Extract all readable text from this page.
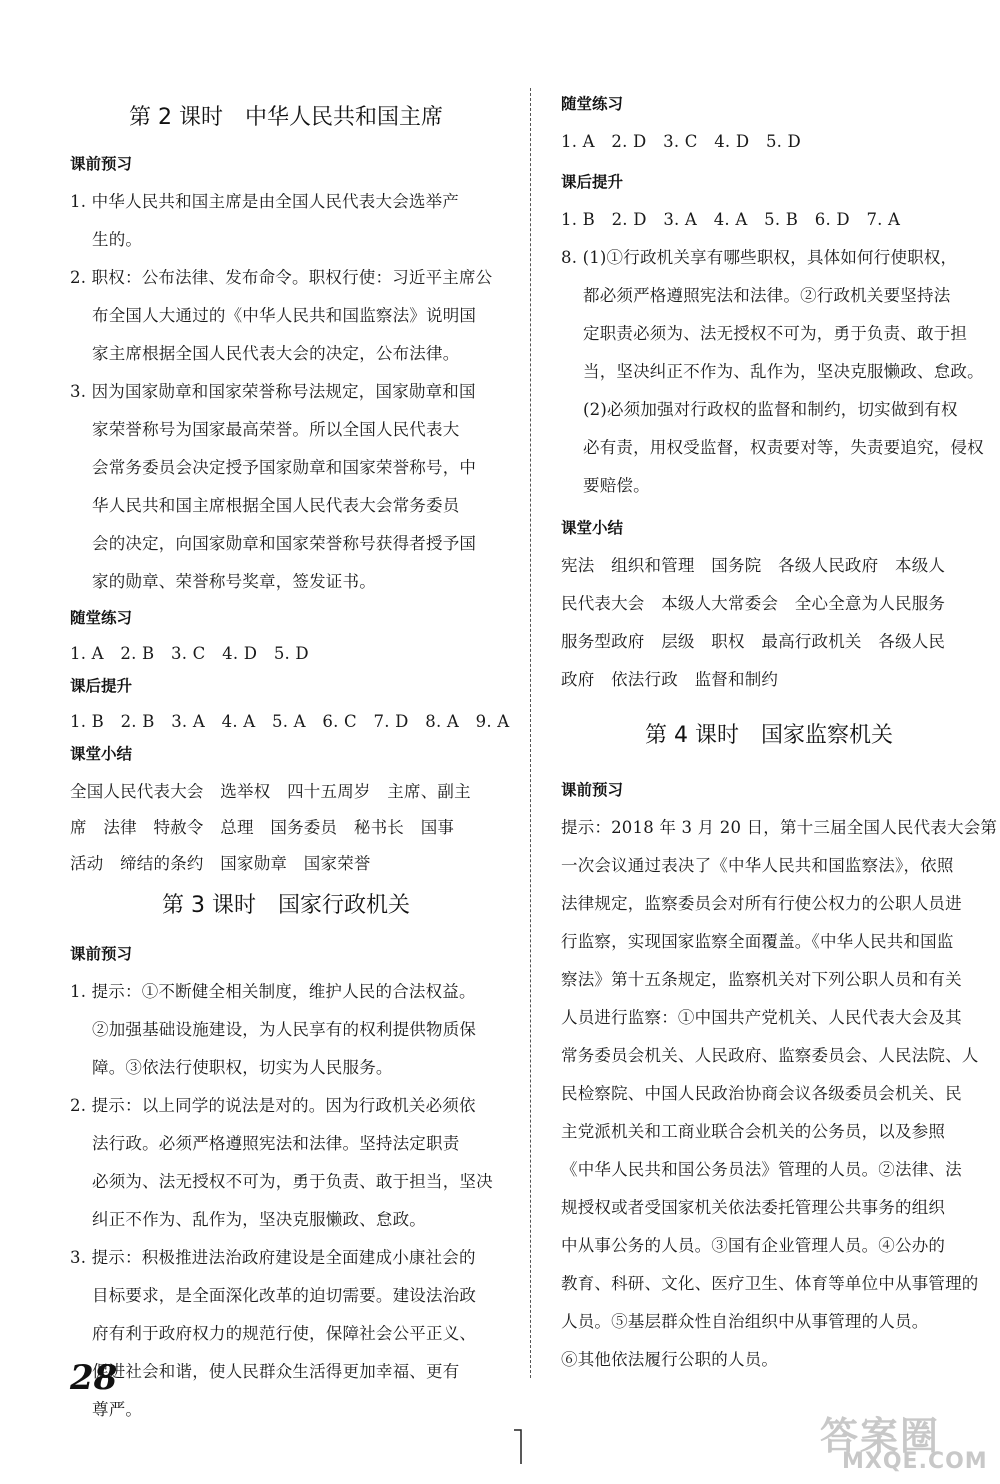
第 2 课时 中华人民共和国主席
课前预习
1. 中华人民共和国主席是由全国人民代表大会选举产
生的。
2. 职权：公布法律、发布命令。职权行使：习近平主席公
布全国人大通过的《中华人民共和国监察法》说明国
家主席根据全国人民代表大会的决定，公布法律。
3. 因为国家勋章和国家荣誉称号法规定，国家勋章和国
家荣誉称号为国家最高荣誉。所以全国人民代表大
会常务委员会决定授予国家勋章和国家荣誉称号，中
华人民共和国主席根据全国人民代表大会常务委员
会的决定，向国家勋章和国家荣誉称号获得者授予国
家的勋章、荣誉称号奖章，签发证书。
随堂练习
1. A　2. B　3. C　4. D　5. D
课后提升
1. B　2. B　3. A　4. A　5. A　6. C　7. D　8. A　9. A
课堂小结
全国人民代表大会　选举权　四十五周岁　主席、副主
席　法律　特赦令　总理　国务委员　秘书长　国事
活动　缔结的条约　国家勋章　国家荣誉
第 3 课时 国家行政机关
课前预习
1. 提示：①不断健全相关制度，维护人民的合法权益。
②加强基础设施建设，为人民享有的权利提供物质保
障。③依法行使职权，切实为人民服务。
2. 提示：以上同学的说法是对的。因为行政机关必须依
法行政。必须严格遵照宪法和法律。坚持法定职责
必须为、法无授权不可为，勇于负责、敢于担当，坚决
纠正不作为、乱作为，坚决克服懒政、怠政。
3. 提示：积极推进法治政府建设是全面建成小康社会的
目标要求，是全面深化改革的迫切需要。建设法治政
府有利于政府权力的规范行使，保障社会公平正义、
促进社会和谐，使人民群众生活得更加幸福、更有
尊严。
随堂练习
1. A　2. D　3. C　4. D　5. D
课后提升
1. B　2. D　3. A　4. A　5. B　6. D　7. A
8. (1)①行政机关享有哪些职权，具体如何行使职权，
都必须严格遵照宪法和法律。②行政机关要坚持法
定职责必须为、法无授权不可为，勇于负责、敢于担
当，坚决纠正不作为、乱作为，坚决克服懒政、怠政。
(2)必须加强对行政权的监督和制约，切实做到有权
必有责，用权受监督，权责要对等，失责要追究，侵权
要赔偿。
课堂小结
宪法　组织和管理　国务院　各级人民政府　本级人
民代表大会　本级人大常委会　全心全意为人民服务
服务型政府　层级　职权　最高行政机关　各级人民
政府　依法行政　监督和制约
第 4 课时 国家监察机关
课前预习
提示：2018 年 3 月 20 日，第十三届全国人民代表大会第
一次会议通过表决了《中华人民共和国监察法》，依照
法律规定，监察委员会对所有行使公权力的公职人员进
行监察，实现国家监察全面覆盖。《中华人民共和国监
察法》第十五条规定，监察机关对下列公职人员和有关
人员进行监察：①中国共产党机关、人民代表大会及其
常务委员会机关、人民政府、监察委员会、人民法院、人
民检察院、中国人民政治协商会议各级委员会机关、民
主党派机关和工商业联合会机关的公务员，以及参照
《中华人民共和国公务员法》管理的人员。②法律、法
规授权或者受国家机关依法委托管理公共事务的组织
中从事公务的人员。③国有企业管理人员。④公办的
教育、科研、文化、医疗卫生、体育等单位中从事管理的
人员。⑤基层群众性自治组织中从事管理的人员。
⑥其他依法履行公职的人员。
28
答案圈
MXQE.COM
